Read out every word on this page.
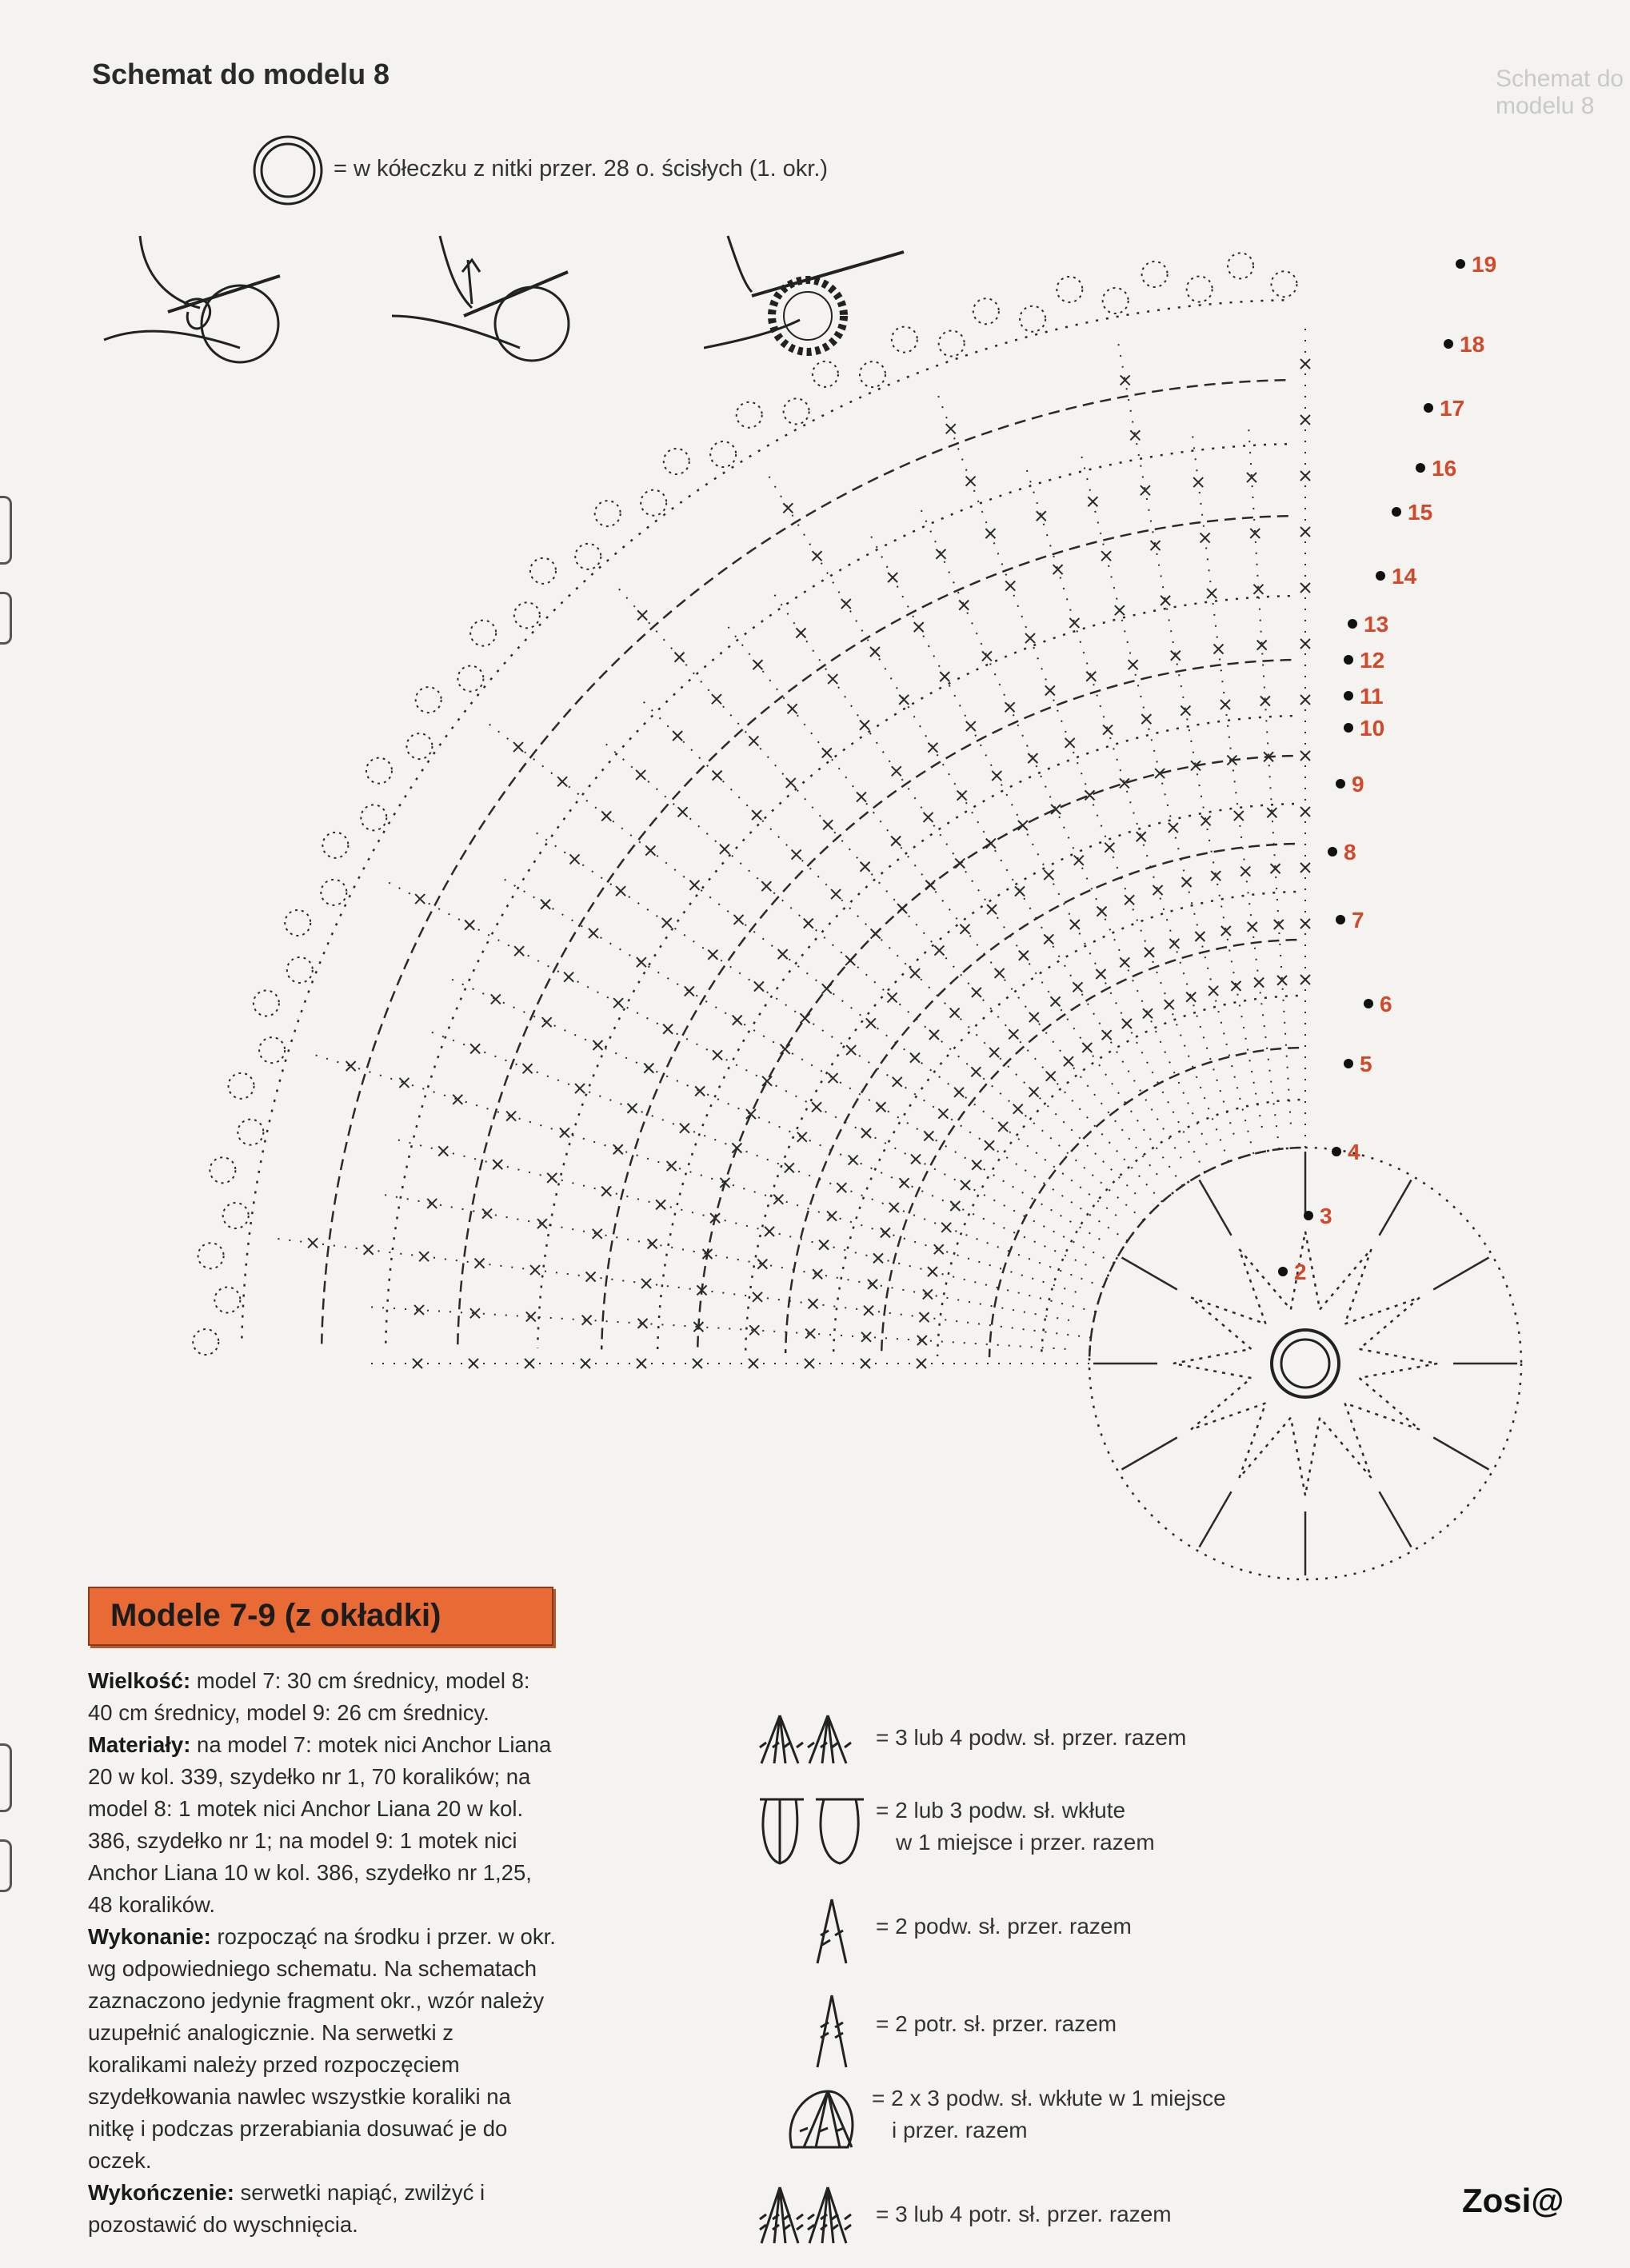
Schemat do modelu 8	Schemat do modelu 8
= w kółeczku z nitki przer. 28 o. ścisłych (1. okr.)
2
3
4
5
6
7
8
9
10
11
12
13
14
15
16
17
18
19
Modele 7-9 (z okładki)

Wielkość: model 7: 30 cm średnicy, model 8: 40 cm średnicy, model 9: 26 cm średnicy.

Materiały: na model 7: motek nici Anchor Liana 20 w kol. 339, szydełko nr 1, 70 koralików; na model 8: 1 motek nici Anchor Liana 20 w kol. 386, szydełko nr 1; na model 9: 1 motek nici Anchor Liana 10 w kol. 386, szydełko nr 1,25, 48 koralików.

Wykonanie: rozpocząć na środku i przer. w okr. wg odpowiedniego schematu. Na schematach zaznaczono jedynie fragment okr., wzór należy uzupełnić analogicznie. Na serwetki z koralikami należy przed rozpoczęciem szydełkowania nawlec wszystkie koraliki na nitkę i podczas przerabiania dosuwać je do oczek.

Wykończenie: serwetki napiąć, zwilżyć i pozostawić do wyschnięcia.

= 3 lub 4 podw. sł. przer. razem
= 2 lub 3 podw. sł. wkłute
w 1 miejsce i przer. razem
= 2 podw. sł. przer. razem
= 2 potr. sł. przer. razem
= 2 x 3 podw. sł. wkłute w 1 miejsce
i przer. razem
= 3 lub 4 potr. sł. przer. razem	Zosi@
